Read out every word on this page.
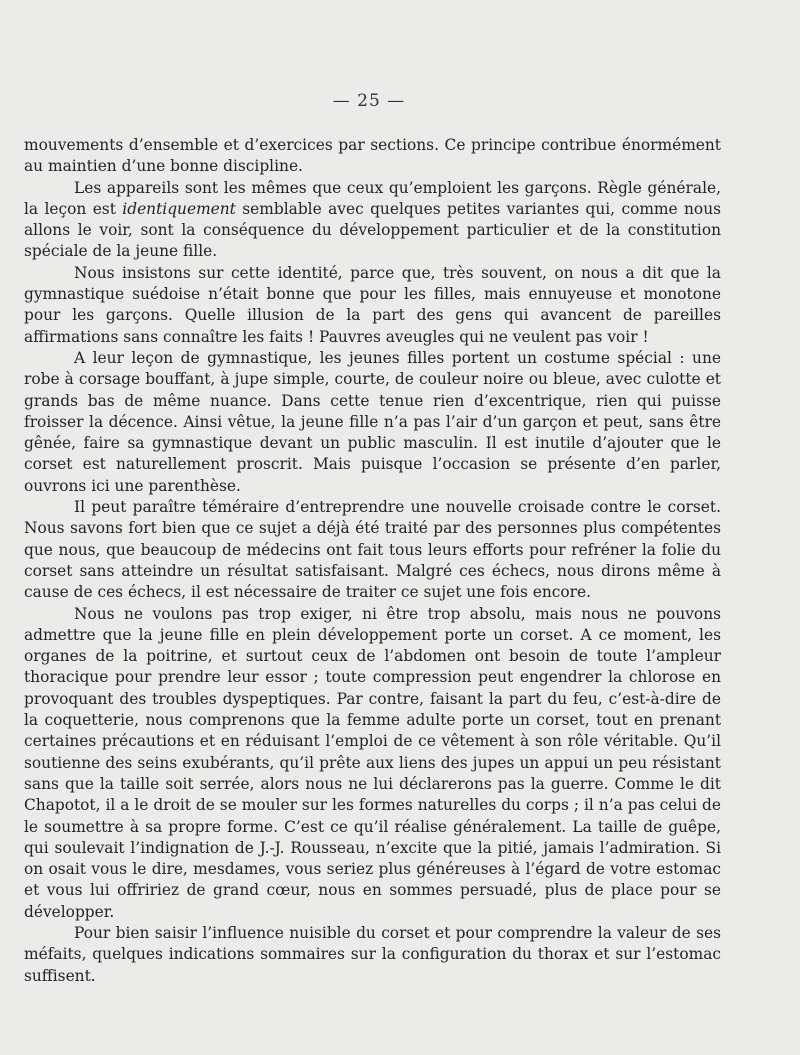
— 25 —

mouvements d’ensemble et d’exercices par sections. Ce principe contribue énormément au maintien d’une bonne discipline.

Les appareils sont les mêmes que ceux qu’emploient les garçons. Règle générale, la leçon est identiquement semblable avec quelques petites variantes qui, comme nous allons le voir, sont la conséquence du développement particulier et de la constitution spéciale de la jeune fille.

Nous insistons sur cette identité, parce que, très souvent, on nous a dit que la gymnastique suédoise n’était bonne que pour les filles, mais ennuyeuse et monotone pour les garçons. Quelle illusion de la part des gens qui avancent de pareilles affirmations sans connaître les faits ! Pauvres aveugles qui ne veulent pas voir !

A leur leçon de gymnastique, les jeunes filles portent un costume spécial : une robe à corsage bouffant, à jupe simple, courte, de couleur noire ou bleue, avec culotte et grands bas de même nuance. Dans cette tenue rien d’excentrique, rien qui puisse froisser la décence. Ainsi vêtue, la jeune fille n’a pas l’air d’un garçon et peut, sans être gênée, faire sa gymnastique devant un public masculin. Il est inutile d’ajouter que le corset est naturellement proscrit. Mais puisque l’occasion se présente d’en parler, ouvrons ici une parenthèse.

Il peut paraître téméraire d’entreprendre une nouvelle croisade contre le corset. Nous savons fort bien que ce sujet a déjà été traité par des personnes plus compétentes que nous, que beaucoup de médecins ont fait tous leurs efforts pour refréner la folie du corset sans atteindre un résultat satisfaisant. Malgré ces échecs, nous dirons même à cause de ces échecs, il est nécessaire de traiter ce sujet une fois encore.

Nous ne voulons pas trop exiger, ni être trop absolu, mais nous ne pouvons admettre que la jeune fille en plein développement porte un corset. A ce moment, les organes de la poitrine, et surtout ceux de l’abdomen ont besoin de toute l’ampleur thoracique pour prendre leur essor ; toute compression peut engendrer la chlorose en provoquant des troubles dyspeptiques. Par contre, faisant la part du feu, c’est-à-dire de la coquetterie, nous comprenons que la femme adulte porte un corset, tout en prenant certaines précautions et en réduisant l’emploi de ce vêtement à son rôle véritable. Qu’il soutienne des seins exubérants, qu’il prête aux liens des jupes un appui un peu résistant sans que la taille soit serrée, alors nous ne lui déclarerons pas la guerre. Comme le dit Chapotot, il a le droit de se mouler sur les formes naturelles du corps ; il n’a pas celui de le soumettre à sa propre forme. C’est ce qu’il réalise généralement. La taille de guêpe, qui soulevait l’indignation de J.-J. Rousseau, n’excite que la pitié, jamais l’admiration. Si on osait vous le dire, mesdames, vous seriez plus généreuses à l’égard de votre estomac et vous lui offririez de grand cœur, nous en sommes persuadé, plus de place pour se développer.

Pour bien saisir l’influence nuisible du corset et pour comprendre la valeur de ses méfaits, quelques indications sommaires sur la configuration du thorax et sur l’estomac suffisent.
